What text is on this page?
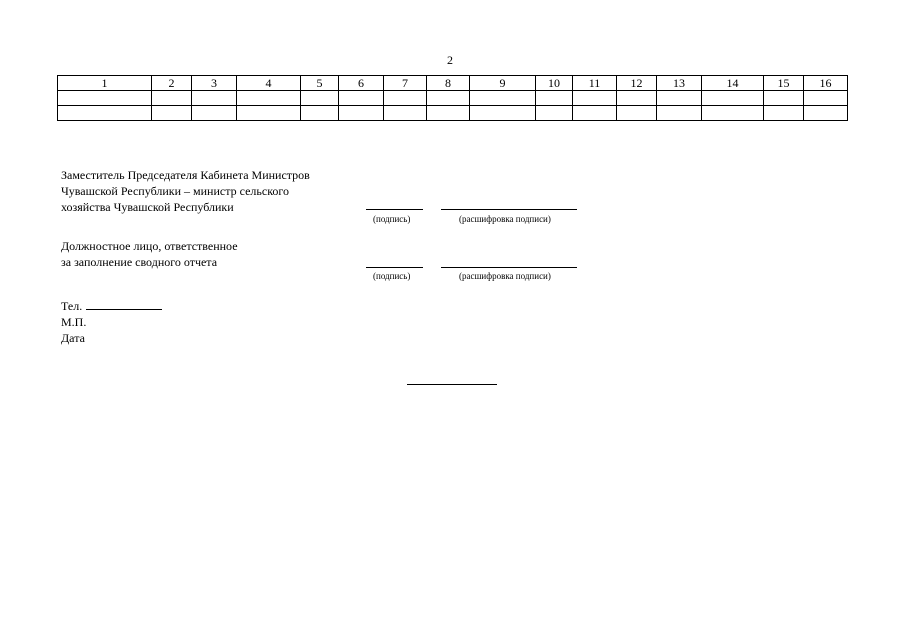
2
1	2	3	4	5	6	7	8	9	10	11	12	13	14	15	16

Заместитель Председателя Кабинета Министров
Чувашской Республики – министр сельского
хозяйства Чувашской Республики
(подпись)	(расшифровка подписи)
Должностное лицо, ответственное
за заполнение сводного отчета
(подпись)	(расшифровка подписи)
Тел.
М.П.
Дата
